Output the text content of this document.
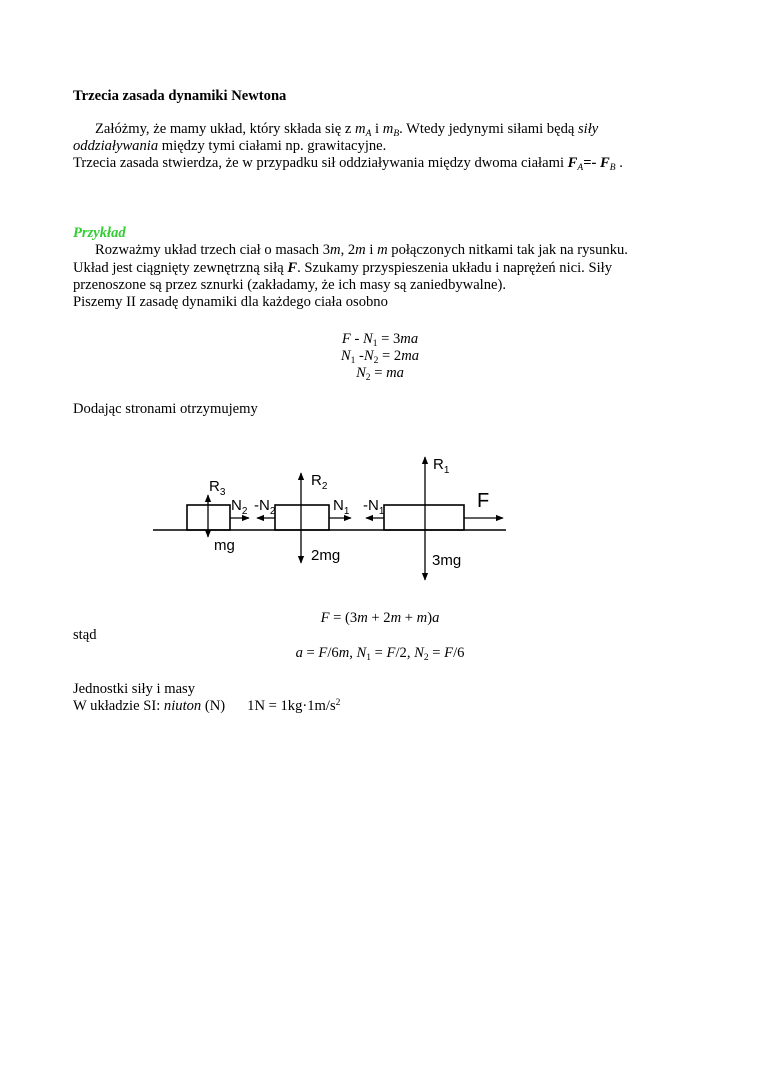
Trzecia zasada dynamiki Newtona
Załóżmy, że mamy układ, który składa się z $m_A$ i $m_B$. Wtedy jedynymi siłami będą siły
oddziaływania między tymi ciałami np. grawitacyjne.
Trzecia zasada stwierdza, że w przypadku sił oddziaływania między dwoma ciałami $F_A=-$ $F_B$ .
Przykład
Rozważmy układ trzech ciał o masach 3m, 2m i m połączonych nitkami tak jak na rysunku.
Układ jest ciągnięty zewnętrzną siłą F. Szukamy przyspieszenia układu i naprężeń nici. Siły
przenoszone są przez sznurki (zakładamy, że ich masy są zaniedbywalne).
Piszemy II zasadę dynamiki dla każdego ciała osobno
$F - N_1 = 3ma$
$N_1$ $-N_2 = 2ma$
$N_2$ = ma
Dodając stronami otrzymujemy
$R_3$
$R_2$
$R_1$
$N_2$ $-N_2$	$N_1$ $-N_1$	F
mg
2mg	3mg
F = (3m + 2m + m)a
stąd
a = F/6m, $N_1 = F/2$, $N_2 = F/6$
Jednostki siły i masy
W układzie SI: niuton (N) $1N = 1kg\cdot 1m/s^2$
